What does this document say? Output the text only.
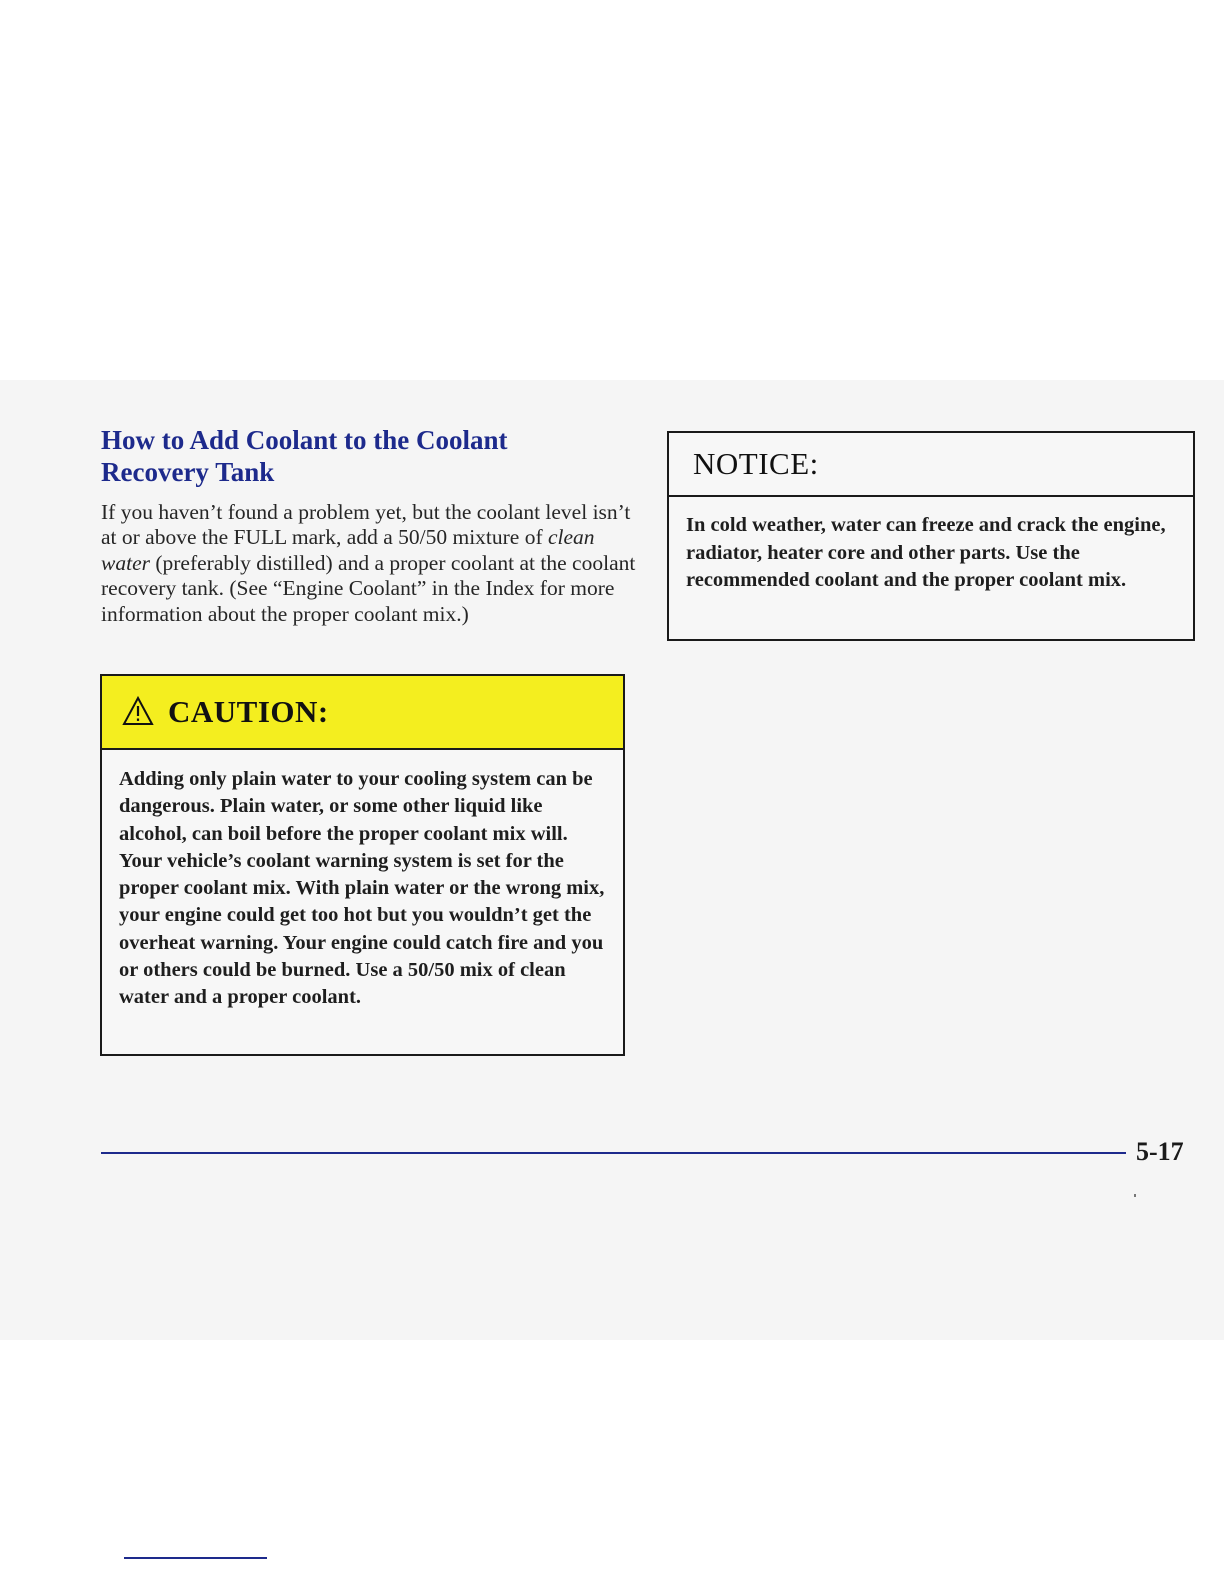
How to Add Coolant to the Coolant
Recovery Tank

If you haven’t found a problem yet, but the coolant level isn’t at or above the FULL mark, add a 50/50 mixture of clean water (preferably distilled) and a proper coolant at the coolant recovery tank. (See “Engine Coolant” in the Index for more information about the proper coolant mix.)

CAUTION:

Adding only plain water to your cooling system can be dangerous. Plain water, or some other liquid like alcohol, can boil before the proper coolant mix will. Your vehicle’s coolant warning system is set for the proper coolant mix. With plain water or the wrong mix, your engine could get too hot but you wouldn’t get the overheat warning. Your engine could catch fire and you or others could be burned. Use a 50/50 mix of clean water and a proper coolant.

NOTICE:

In cold weather, water can freeze and crack the engine, radiator, heater core and other parts. Use the recommended coolant and the proper coolant mix.

5-17
